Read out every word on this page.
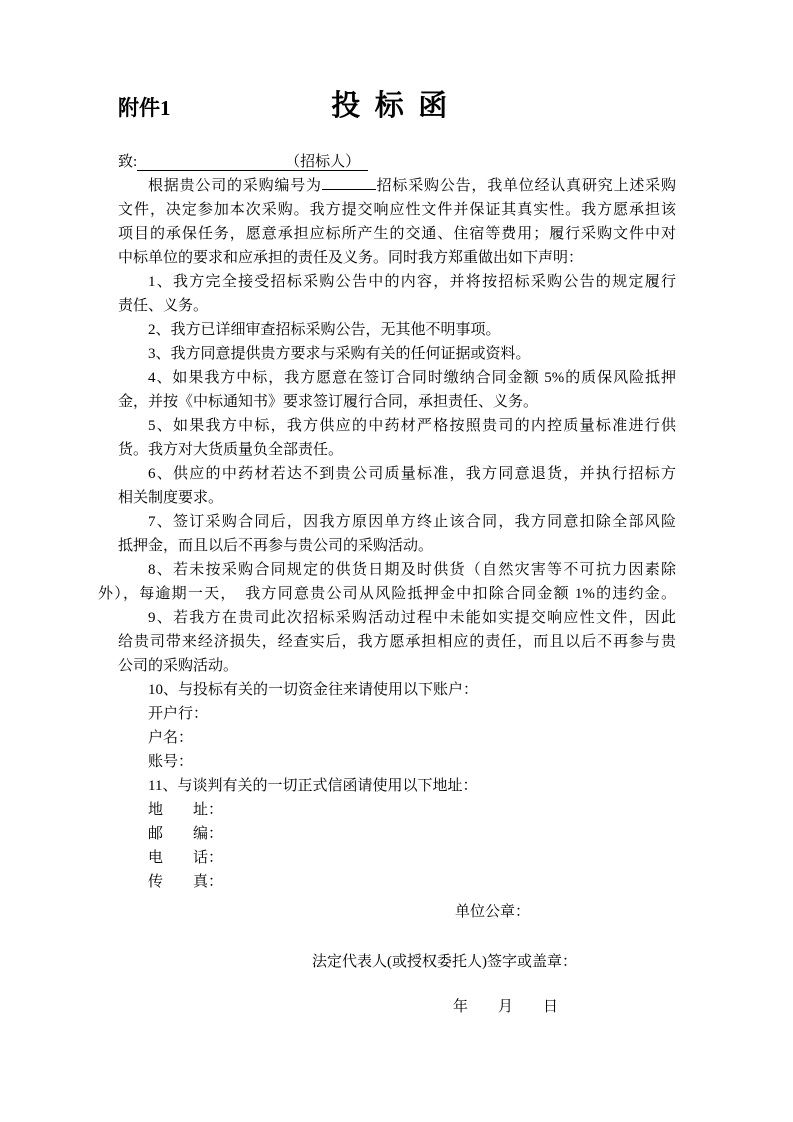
附件1	投标函
致:	（招标人）
根据贵公司的采购编号为	招标采购公告，我单位经认真研究上述采购
文件，决定参加本次采购。我方提交响应性文件并保证其真实性。我方愿承担该
项目的承保任务，愿意承担应标所产生的交通、住宿等费用；履行采购文件中对
中标单位的要求和应承担的责任及义务。同时我方郑重做出如下声明：
1、我方完全接受招标采购公告中的内容，并将按招标采购公告的规定履行
责任、义务。
2、我方已详细审查招标采购公告，无其他不明事项。
3、我方同意提供贵方要求与采购有关的任何证据或资料。
4、如果我方中标，我方愿意在签订合同时缴纳合同金额 5%的质保风险抵押
金，并按《中标通知书》要求签订履行合同，承担责任、义务。
5、如果我方中标，我方供应的中药材严格按照贵司的内控质量标准进行供
货。我方对大货质量负全部责任。
6、供应的中药材若达不到贵公司质量标准，我方同意退货，并执行招标方
相关制度要求。
7、签订采购合同后，因我方原因单方终止该合同，我方同意扣除全部风险
抵押金，而且以后不再参与贵公司的采购活动。
8、若未按采购合同规定的供货日期及时供货（自然灾害等不可抗力因素除
外），每逾期一天，　我方同意贵公司从风险抵押金中扣除合同金额 1%的违约金。
9、若我方在贵司此次招标采购活动过程中未能如实提交响应性文件，因此
给贵司带来经济损失，经查实后，我方愿承担相应的责任，而且以后不再参与贵
公司的采购活动。
10、与投标有关的一切资金往来请使用以下账户：
开户行：
户名：
账号：
11、与谈判有关的一切正式信函请使用以下地址：
地　　址：
邮　　编：
电　　话：
传　　真：
单位公章：
法定代表人(或授权委托人)签字或盖章：
年　　月　　日
